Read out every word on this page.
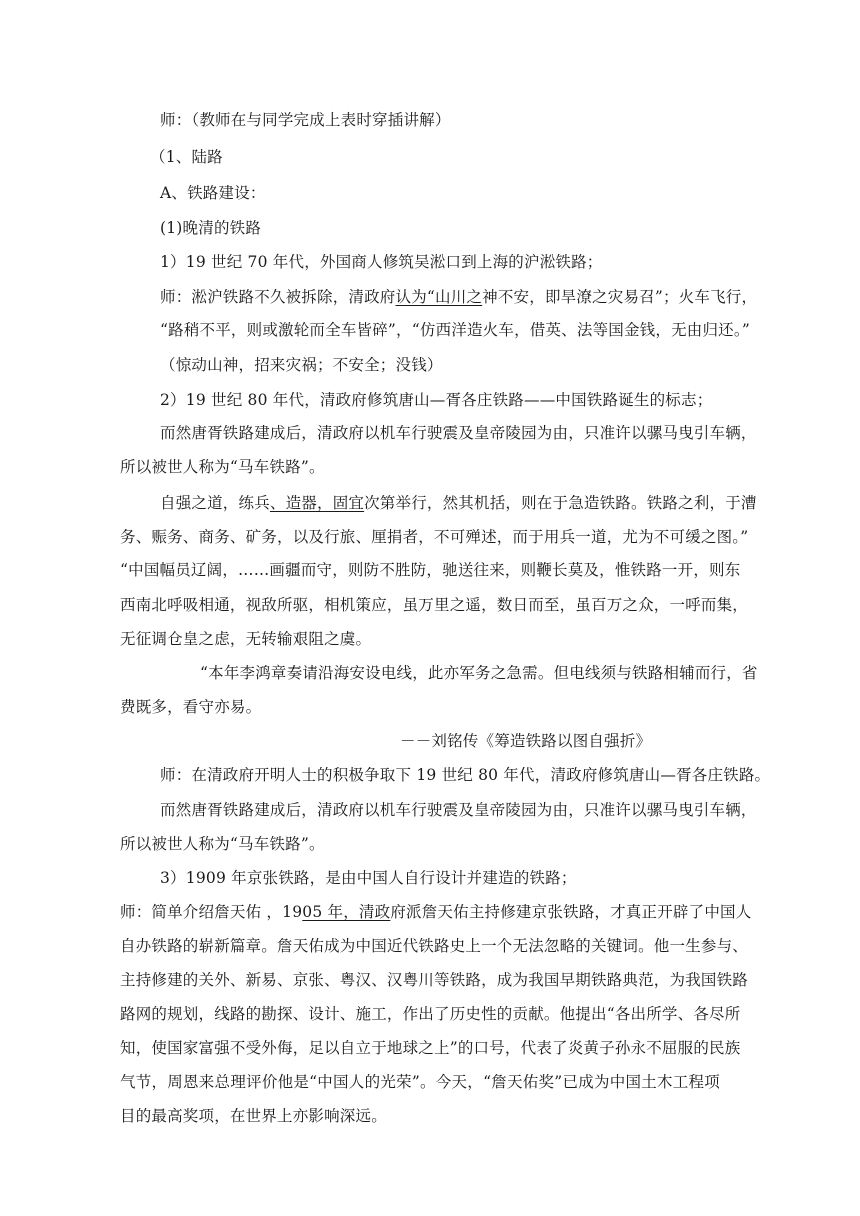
师：（教师在与同学完成上表时穿插讲解）
（1、陆路
A、铁路建设：
(1)晚清的铁路
1）19 世纪 70 年代，外国商人修筑吴淞口到上海的沪淞铁路；
师：淞沪铁路不久被拆除，清政府认为“山川之神不安，即旱潦之灾易召”；火车飞行，
“路稍不平，则或激轮而全车皆碎”，“仿西洋造火车，借英、法等国金钱，无由归还。”
（惊动山神，招来灾祸；不安全；没钱）
2）19 世纪 80 年代，清政府修筑唐山—胥各庄铁路——中国铁路诞生的标志；
而然唐胥铁路建成后，清政府以机车行驶震及皇帝陵园为由，只准许以骡马曳引车辆，
所以被世人称为“马车铁路”。
自强之道，练兵、造器，固宜次第举行，然其机括，则在于急造铁路。铁路之利，于漕
务、赈务、商务、矿务，以及行旅、厘捐者，不可殚述，而于用兵一道，尤为不可缓之图。”
“中国幅员辽阔，……画疆而守，则防不胜防，驰送往来，则鞭长莫及，惟铁路一开，则东
西南北呼吸相通，视敌所驱，相机策应，虽万里之遥，数日而至，虽百万之众，一呼而集，
无征调仓皇之虑，无转输艰阻之虞。
“本年李鸿章奏请沿海安设电线，此亦军务之急需。但电线须与铁路相辅而行，省
费既多，看守亦易。
－－刘铭传《筹造铁路以图自强折》
师：在清政府开明人士的积极争取下 19 世纪 80 年代，清政府修筑唐山—胥各庄铁路。
而然唐胥铁路建成后，清政府以机车行驶震及皇帝陵园为由，只准许以骡马曳引车辆，
所以被世人称为“马车铁路”。
3）1909 年京张铁路，是由中国人自行设计并建造的铁路；
师：简单介绍詹天佑 ，1905 年，清政府派詹天佑主持修建京张铁路，才真正开辟了中国人
自办铁路的崭新篇章。詹天佑成为中国近代铁路史上一个无法忽略的关键词。他一生参与、
主持修建的关外、新易、京张、粤汉、汉粤川等铁路，成为我国早期铁路典范，为我国铁路
路网的规划，线路的勘探、设计、施工，作出了历史性的贡献。他提出“各出所学、各尽所
知，使国家富强不受外侮，足以自立于地球之上”的口号，代表了炎黄子孙永不屈服的民族
气节，周恩来总理评价他是“中国人的光荣”。今天，“詹天佑奖”已成为中国土木工程项
目的最高奖项，在世界上亦影响深远。
